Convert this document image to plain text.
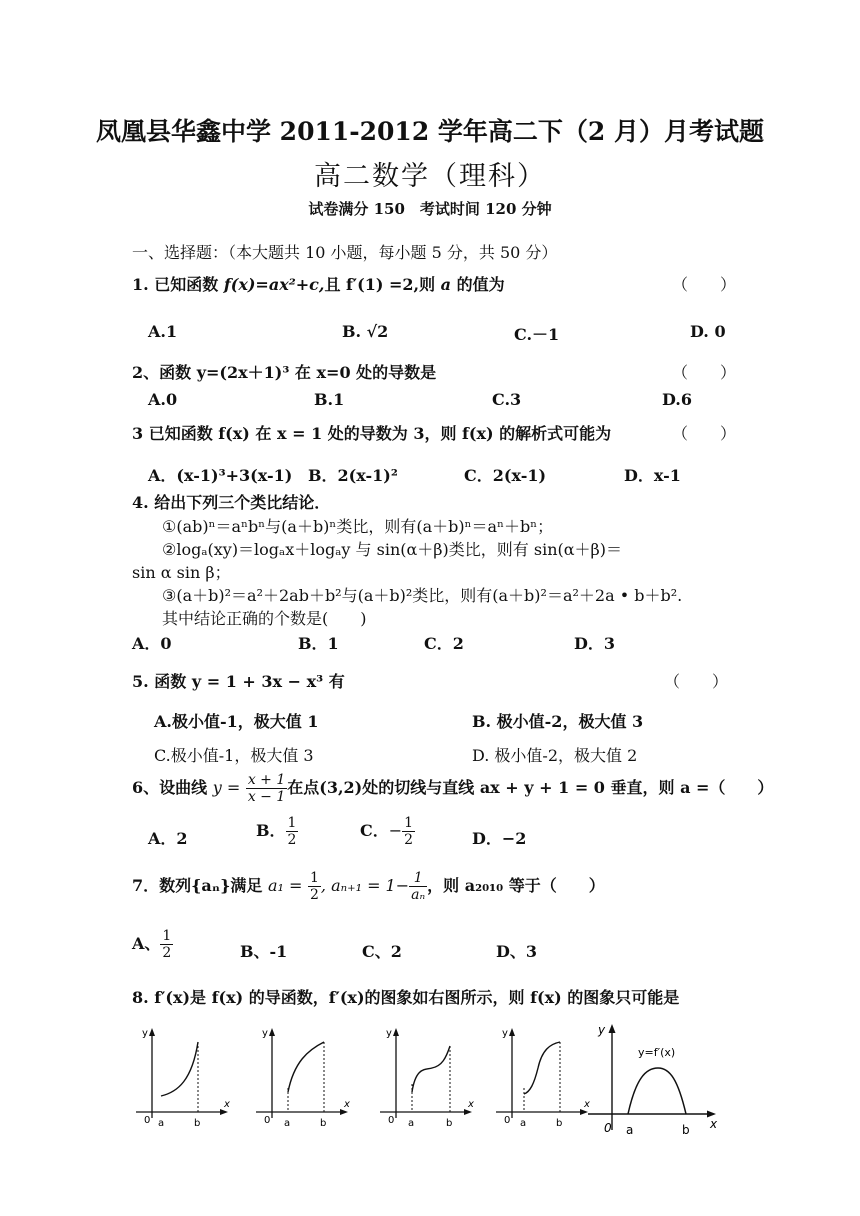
凤凰县华鑫中学 2011-2012 学年高二下（2 月）月考试题
高二数学（理科）
试卷满分 150　考试时间 120 分钟
一、选择题：（本大题共 10 小题，每小题 5 分，共 50 分）
1. 已知函数 f(x)=ax²+c,且 f′(1) =2,则 a 的值为	（　　）
A.1	B. √2	C.－1	D. 0
2、函数 y=(2x＋1)³ 在 x=0 处的导数是	（　　）
A.0	B.1	C.3	D.6
3 已知函数 f(x) 在 x = 1 处的导数为 3，则 f(x) 的解析式可能为	（　　）
A．(x-1)³+3(x-1) B．2(x-1)²	C．2(x-1)	D．x-1
4. 给出下列三个类比结论．
①(ab)ⁿ＝aⁿbⁿ与(a＋b)ⁿ类比，则有(a＋b)ⁿ＝aⁿ＋bⁿ；
②logₐ(xy)＝logₐx＋logₐy 与 sin(α＋β)类比，则有 sin(α＋β)＝
sin α sin β；
③(a＋b)²＝a²＋2ab＋b²与(a＋b)²类比，则有(a＋b)²＝a²＋2a • b＋b².
其中结论正确的个数是(　　)
A．0	B．1	C．2	D．3
5. 函数 y = 1 + 3x − x³ 有	（　　）
A.极小值-1，极大值 1	B. 极小值-2，极大值 3
C.极小值-1，极大值 3	D. 极小值-2，极大值 2
6、设曲线 $y = \frac{x + 1}{x - 1}$ 在点(3,2)处的切线与直线 ax + y + 1 = 0 垂直，则 a =（　　）
A．2	B． $\frac{1}{2}$	C．− $\frac{1}{2}$	D．−2
7．数列{aₙ}满足 $a_1 = \frac{1}{2}$ , $a_{n+1} = 1- \frac{1}{\text{aₙ}}$ ，则 a₂₀₁₀ 等于（　　）
A、 $\frac{1}{2}$	B、-1	C、2	D、3
8. f′(x)是 f(x) 的导函数，f′(x)的图象如右图所示，则 f(x) 的图象只可能是
y
x
0 a	b
y
x
0 a	b
y
x
0 a	b
y
x
0 a	b
y
x
0 a	b
y=f′(x)
